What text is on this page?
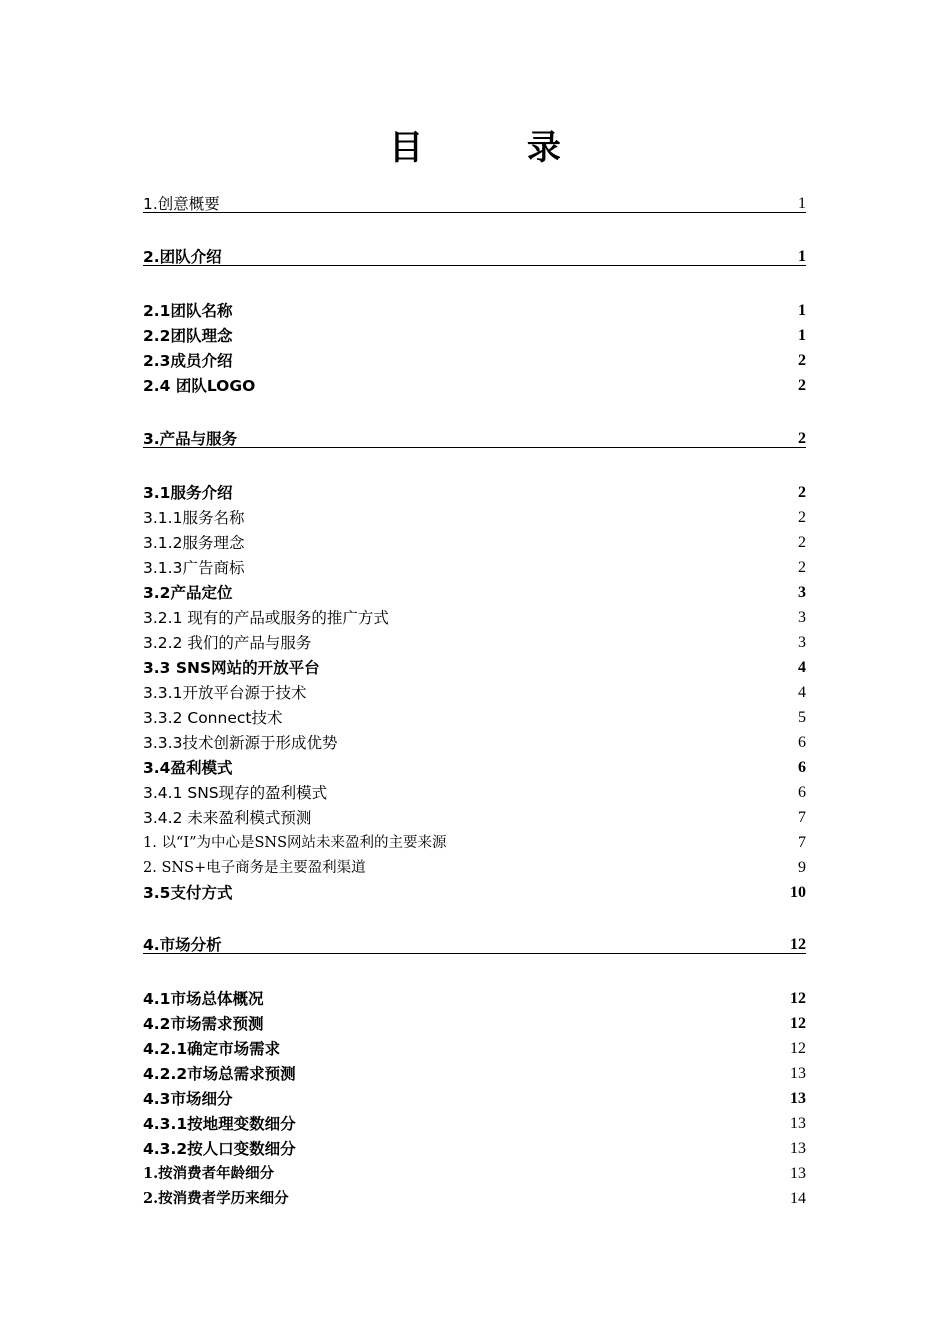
目 录
1.创意概要	1
2.团队介绍	1
2.1团队名称	1
2.2团队理念	1
2.3成员介绍	2
2.4 团队LOGO	2
3.产品与服务	2
3.1服务介绍	2
3.1.1服务名称	2
3.1.2服务理念	2
3.1.3广告商标	2
3.2产品定位	3
3.2.1 现有的产品或服务的推广方式	3
3.2.2 我们的产品与服务	3
3.3 SNS网站的开放平台	4
3.3.1开放平台源于技术	4
3.3.2 Connect技术	5
3.3.3技术创新源于形成优势	6
3.4盈利模式	6
3.4.1 SNS现存的盈利模式	6
3.4.2 未来盈利模式预测	7
1. 以“I”为中心是SNS网站未来盈利的主要来源	7
2. SNS+电子商务是主要盈利渠道	9
3.5支付方式	10
4.市场分析	12
4.1市场总体概况	12
4.2市场需求预测	12
4.2.1确定市场需求	12
4.2.2市场总需求预测	13
4.3市场细分	13
4.3.1按地理变数细分	13
4.3.2按人口变数细分	13
1.按消费者年龄细分	13
2.按消费者学历来细分	14
